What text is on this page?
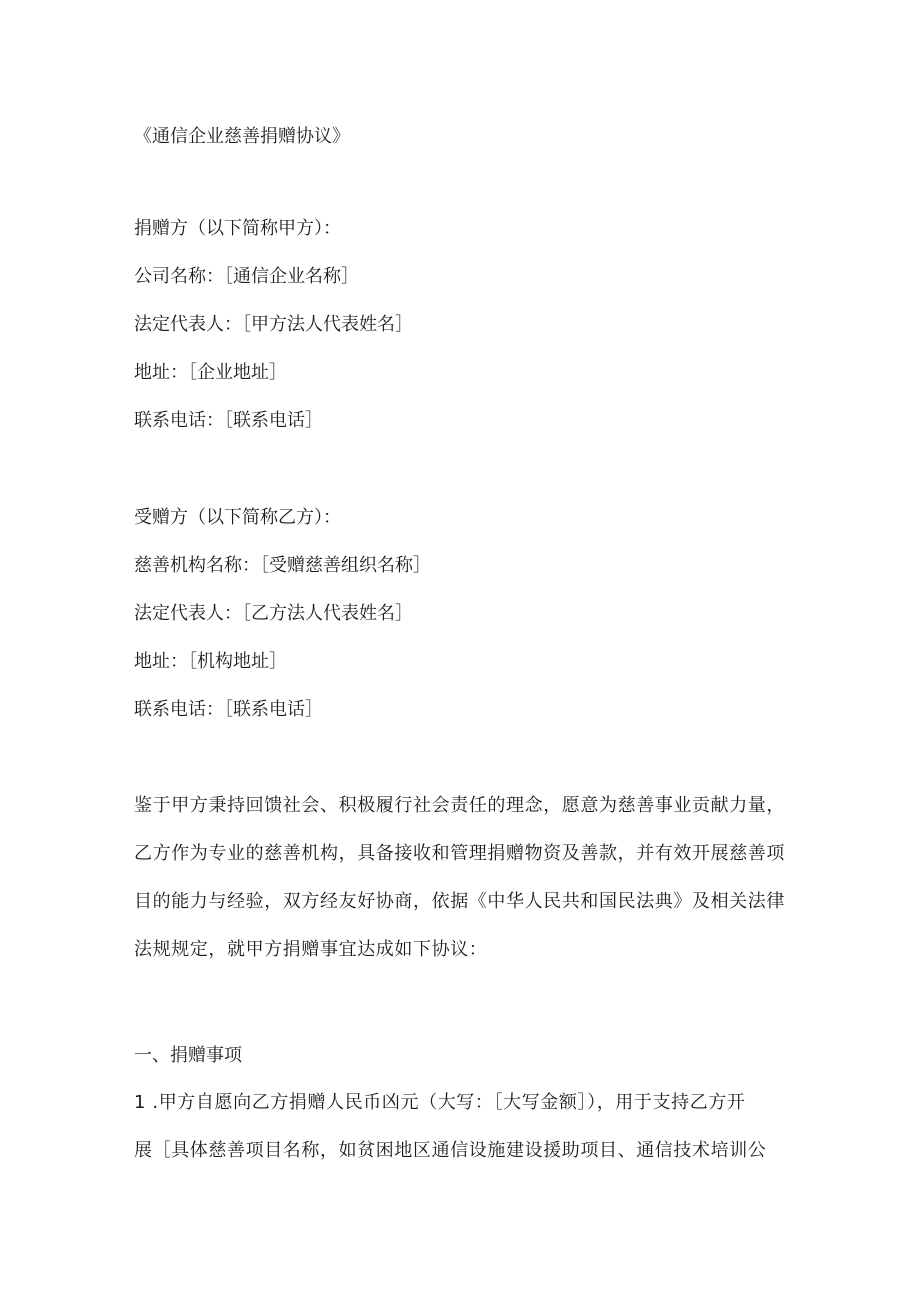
《通信企业慈善捐赠协议》
捐赠方（以下简称甲方）：
公司名称：［通信企业名称］
法定代表人：［甲方法人代表姓名］
地址：［企业地址］
联系电话：［联系电话］
受赠方（以下简称乙方）：
慈善机构名称：［受赠慈善组织名称］
法定代表人：［乙方法人代表姓名］
地址：［机构地址］
联系电话：［联系电话］
鉴于甲方秉持回馈社会、积极履行社会责任的理念，愿意为慈善事业贡献力量，
乙方作为专业的慈善机构，具备接收和管理捐赠物资及善款，并有效开展慈善项
目的能力与经验，双方经友好协商，依据《中华人民共和国民法典》及相关法律
法规规定，就甲方捐赠事宜达成如下协议：
一、捐赠事项
1 .甲方自愿向乙方捐赠人民币凶元（大写：［大写金额］），用于支持乙方开
展［具体慈善项目名称，如贫困地区通信设施建设援助项目、通信技术培训公
